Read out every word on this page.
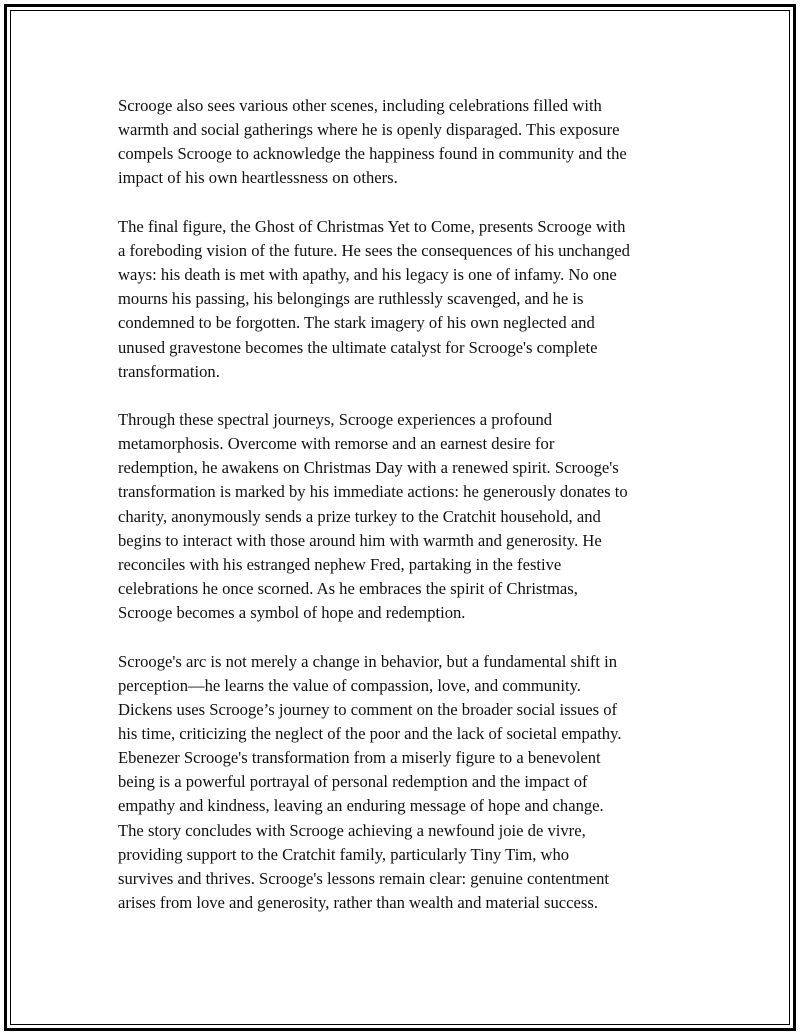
Scrooge also sees various other scenes, including celebrations filled with
warmth and social gatherings where he is openly disparaged. This exposure
compels Scrooge to acknowledge the happiness found in community and the
impact of his own heartlessness on others.

The final figure, the Ghost of Christmas Yet to Come, presents Scrooge with
a foreboding vision of the future. He sees the consequences of his unchanged
ways: his death is met with apathy, and his legacy is one of infamy. No one
mourns his passing, his belongings are ruthlessly scavenged, and he is
condemned to be forgotten. The stark imagery of his own neglected and
unused gravestone becomes the ultimate catalyst for Scrooge's complete
transformation.

Through these spectral journeys, Scrooge experiences a profound
metamorphosis. Overcome with remorse and an earnest desire for
redemption, he awakens on Christmas Day with a renewed spirit. Scrooge's
transformation is marked by his immediate actions: he generously donates to
charity, anonymously sends a prize turkey to the Cratchit household, and
begins to interact with those around him with warmth and generosity. He
reconciles with his estranged nephew Fred, partaking in the festive
celebrations he once scorned. As he embraces the spirit of Christmas,
Scrooge becomes a symbol of hope and redemption.

Scrooge's arc is not merely a change in behavior, but a fundamental shift in
perception—he learns the value of compassion, love, and community.
Dickens uses Scrooge’s journey to comment on the broader social issues of
his time, criticizing the neglect of the poor and the lack of societal empathy.
Ebenezer Scrooge's transformation from a miserly figure to a benevolent
being is a powerful portrayal of personal redemption and the impact of
empathy and kindness, leaving an enduring message of hope and change.
The story concludes with Scrooge achieving a newfound joie de vivre,
providing support to the Cratchit family, particularly Tiny Tim, who
survives and thrives. Scrooge's lessons remain clear: genuine contentment
arises from love and generosity, rather than wealth and material success.
